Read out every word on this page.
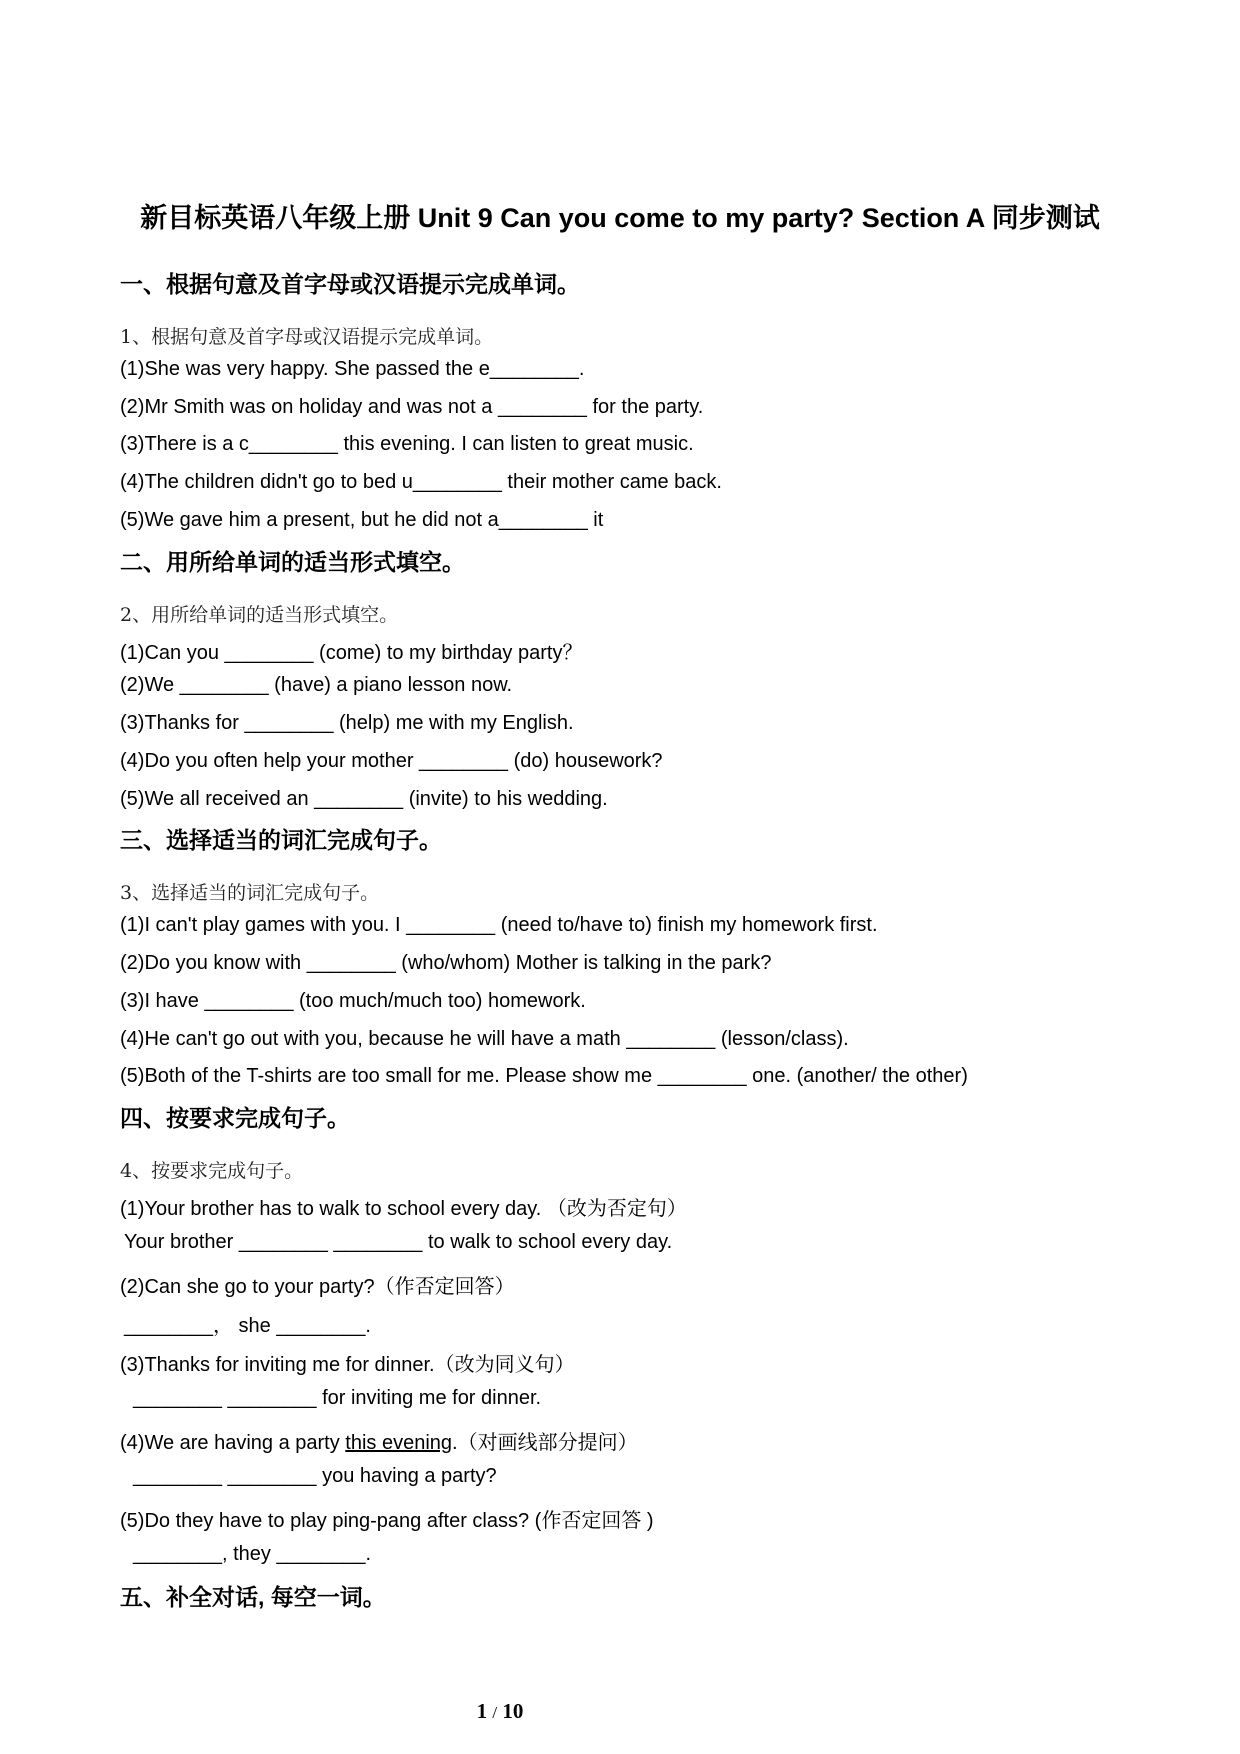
新目标英语八年级上册 Unit 9 Can you come to my party? Section A 同步测试
一、根据句意及首字母或汉语提示完成单词。
1、根据句意及首字母或汉语提示完成单词。
(1)She was very happy. She passed the e________.
(2)Mr Smith was on holiday and was not a ________ for the party.
(3)There is a c________ this evening. I can listen to great music.
(4)The children didn't go to bed u________ their mother came back.
(5)We gave him a present, but he did not a________ it
二、用所给单词的适当形式填空。
2、用所给单词的适当形式填空。
(1)Can you ________ (come) to my birthday party？
(2)We ________ (have) a piano lesson now.
(3)Thanks for ________ (help) me with my English.
(4)Do you often help your mother ________ (do) housework?
(5)We all received an ________ (invite) to his wedding.
三、选择适当的词汇完成句子。
3、选择适当的词汇完成句子。
(1)I can't play games with you. I ________ (need to/have to) finish my homework first.
(2)Do you know with ________ (who/whom) Mother is talking in the park?
(3)I have ________ (too much/much too) homework.
(4)He can't go out with you, because he will have a math ________ (lesson/class).
(5)Both of the T-shirts are too small for me. Please show me ________ one. (another/ the other)
四、按要求完成句子。
4、按要求完成句子。
(1)Your brother has to walk to school every day. （改为否定句）
Your brother ________ ________ to walk to school every day.
(2)Can she go to your party?（作否定回答）
________， she ________.
(3)Thanks for inviting me for dinner.（改为同义句）
________ ________ for inviting me for dinner.
(4)We are having a party this evening.（对画线部分提问）
________ ________ you having a party?
(5)Do they have to play ping-pang after class? (作否定回答 )
________, they ________.
五、补全对话, 每空一词。
1 / 10
